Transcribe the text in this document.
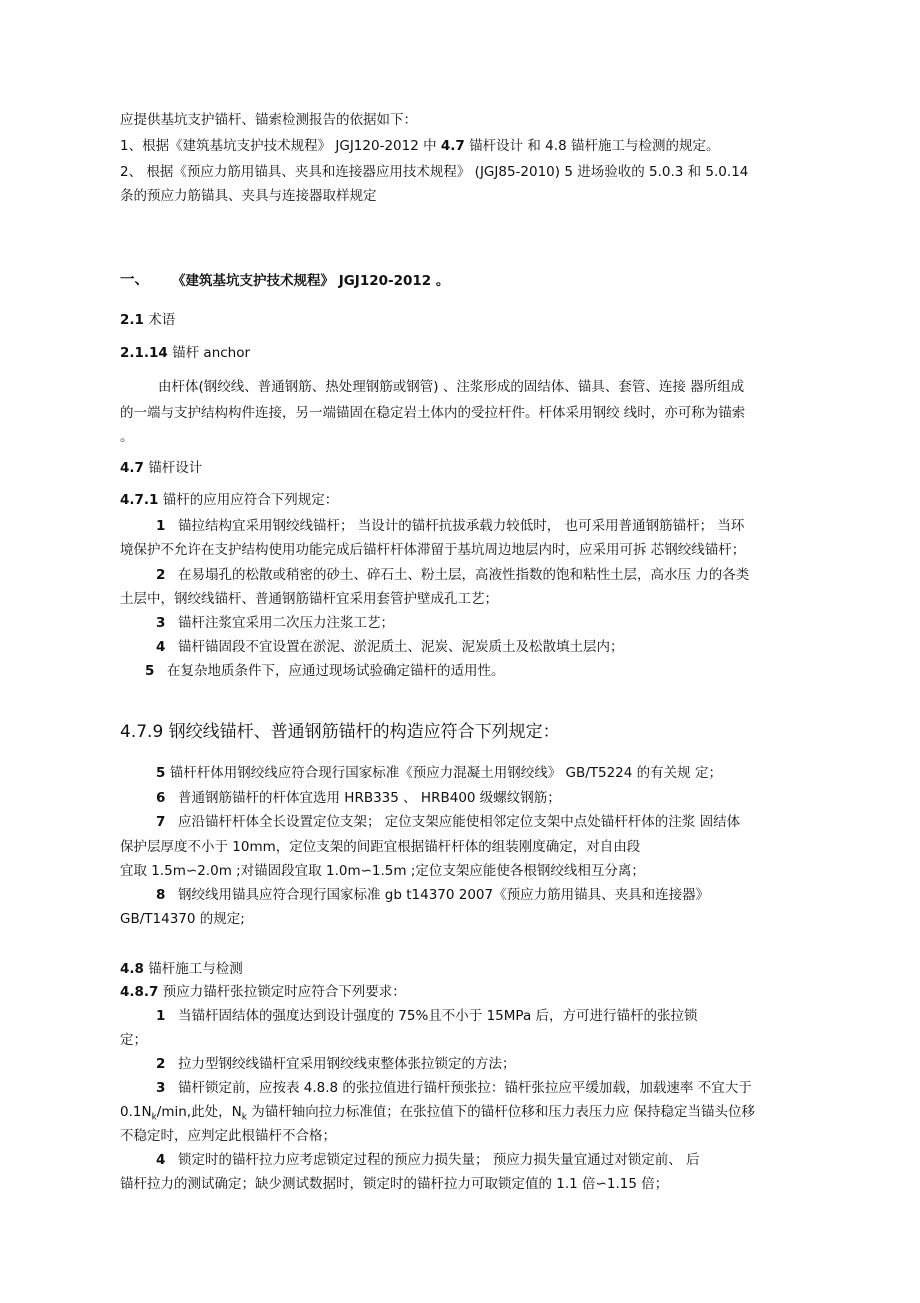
应提供基坑支护锚杆、锚索检测报告的依据如下：
1、根据《建筑基坑支护技术规程》 JGJ120-2012 中 4.7 锚杆设计 和 4.8 锚杆施工与检测的规定。
2、 根据《预应力筋用锚具、夹具和连接器应用技术规程》 (JGJ85-2010) 5 进场验收的 5.0.3 和 5.0.14
条的预应力筋锚具、夹具与连接器取样规定
一、 《建筑基坑支护技术规程》 JGJ120-2012 。
2.1 术语
2.1.14 锚杆 anchor
由杆体(钢绞线、普通钢筋、热处理钢筋或钢管) 、注浆形成的固结体、锚具、套管、连接 器所组成
的一端与支护结构构件连接，另一端锚固在稳定岩土体内的受拉杆件。杆体采用钢绞 线时，亦可称为锚索
。
4.7 锚杆设计
4.7.1 锚杆的应用应符合下列规定：
1 锚拉结构宜采用钢绞线锚杆； 当设计的锚杆抗拔承载力较低时， 也可采用普通钢筋锚杆； 当环
境保护不允许在支护结构使用功能完成后锚杆杆体滞留于基坑周边地层内时，应采用可拆 芯钢绞线锚杆；
2 在易塌孔的松散或稍密的砂土、碎石土、粉土层，高液性指数的饱和粘性土层，高水压 力的各类
土层中，钢绞线锚杆、普通钢筋锚杆宜采用套管护壁成孔工艺；
3 锚杆注浆宜采用二次压力注浆工艺；
4 锚杆锚固段不宜设置在淤泥、淤泥质土、泥炭、泥炭质土及松散填土层内；
5 在复杂地质条件下，应通过现场试验确定锚杆的适用性。
4.7.9 钢绞线锚杆、普通钢筋锚杆的构造应符合下列规定：
5 锚杆杆体用钢绞线应符合现行国家标准《预应力混凝土用钢绞线》 GB/T5224 的有关规 定；
6 普通钢筋锚杆的杆体宜选用 HRB335 、 HRB400 级螺纹钢筋；
7 应沿锚杆杆体全长设置定位支架； 定位支架应能使相邻定位支架中点处锚杆杆体的注浆 固结体
保护层厚度不小于 10mm，定位支架的间距宜根据锚杆杆体的组装刚度确定，对自由段
宜取 1.5m∽2.0m ;对锚固段宜取 1.0m∽1.5m ;定位支架应能使各根钢绞线相互分离；
8 钢绞线用锚具应符合现行国家标准 gb t14370 2007《预应力筋用锚具、夹具和连接器》
GB/T14370 的规定;
4.8 锚杆施工与检测
4.8.7 预应力锚杆张拉锁定时应符合下列要求：
1 当锚杆固结体的强度达到设计强度的 75%且不小于 15MPa 后，方可进行锚杆的张拉锁
定；
2 拉力型钢绞线锚杆宜采用钢绞线束整体张拉锁定的方法；
3 锚杆锁定前，应按表 4.8.8 的张拉值进行锚杆预张拉：锚杆张拉应平缓加载，加载速率 不宜大于
$0.1N_k/\min$,此处，$N_k$ 为锚杆轴向拉力标准值；在张拉值下的锚杆位移和压力表压力应 保持稳定当锚头位移
不稳定时，应判定此根锚杆不合格；
4 锁定时的锚杆拉力应考虑锁定过程的预应力损失量； 预应力损失量宜通过对锁定前、 后
锚杆拉力的测试确定；缺少测试数据时，锁定时的锚杆拉力可取锁定值的 1.1 倍∽1.15 倍；
